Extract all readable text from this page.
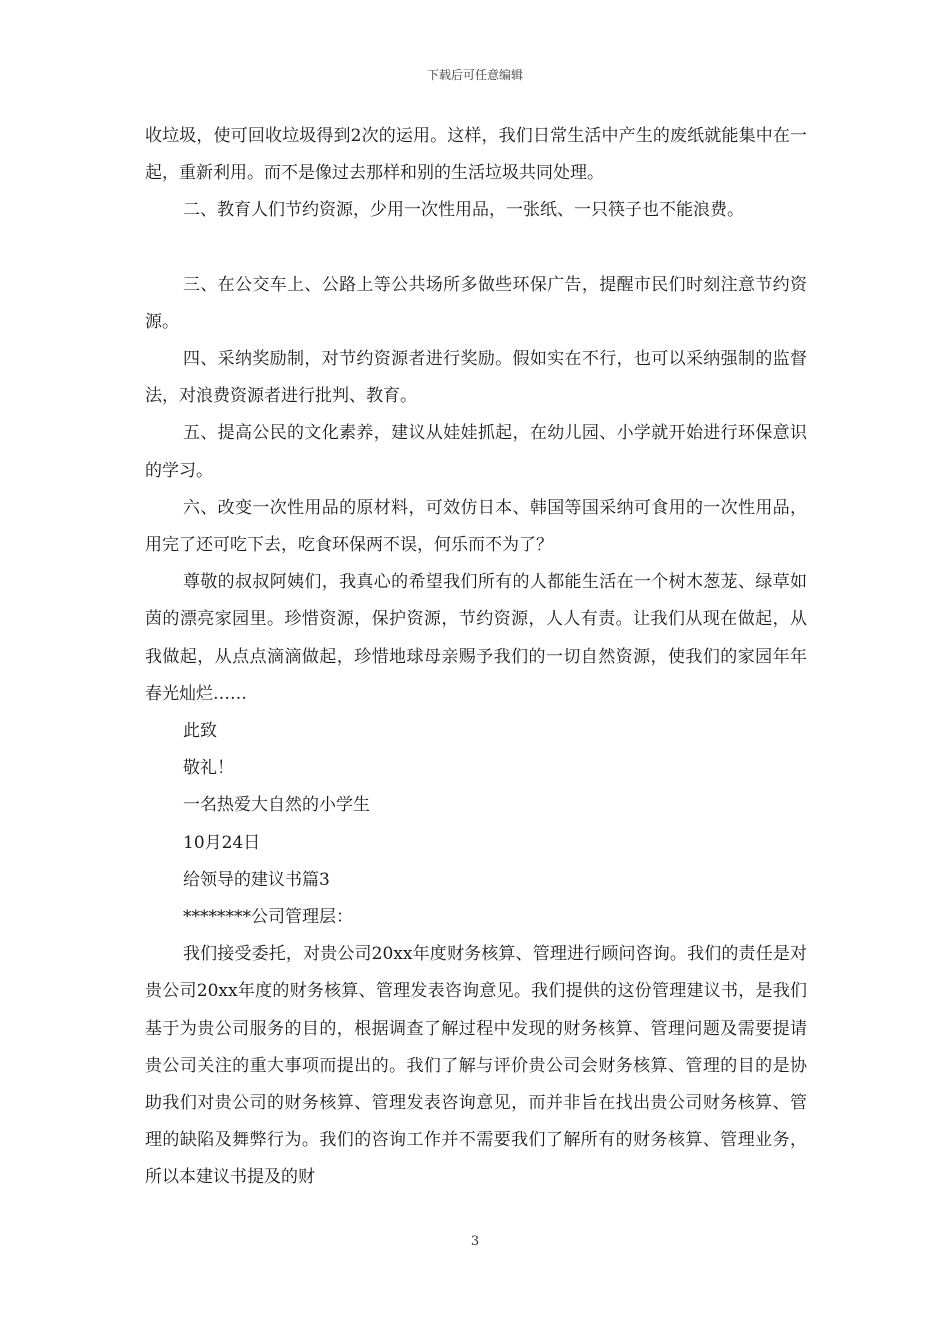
下载后可任意编辑

收垃圾，使可回收垃圾得到2次的运用。这样，我们日常生活中产生的废纸就能集中在一起，重新利用。而不是像过去那样和别的生活垃圾共同处理。

二、教育人们节约资源，少用一次性用品，一张纸、一只筷子也不能浪费。

三、在公交车上、公路上等公共场所多做些环保广告，提醒市民们时刻注意节约资源。

四、采纳奖励制，对节约资源者进行奖励。假如实在不行，也可以采纳强制的监督法，对浪费资源者进行批判、教育。

五、提高公民的文化素养，建议从娃娃抓起，在幼儿园、小学就开始进行环保意识的学习。

六、改变一次性用品的原材料，可效仿日本、韩国等国采纳可食用的一次性用品，用完了还可吃下去，吃食环保两不误，何乐而不为了？

尊敬的叔叔阿姨们，我真心的希望我们所有的人都能生活在一个树木葱茏、绿草如茵的漂亮家园里。珍惜资源，保护资源，节约资源，人人有责。让我们从现在做起，从我做起，从点点滴滴做起，珍惜地球母亲赐予我们的一切自然资源，使我们的家园年年春光灿烂……

此致

敬礼！

一名热爱大自然的小学生

10月24日

给领导的建议书篇3

********公司管理层：

我们接受委托，对贵公司20xx年度财务核算、管理进行顾问咨询。我们的责任是对贵公司20xx年度的财务核算、管理发表咨询意见。我们提供的这份管理建议书，是我们基于为贵公司服务的目的，根据调查了解过程中发现的财务核算、管理问题及需要提请贵公司关注的重大事项而提出的。我们了解与评价贵公司会财务核算、管理的目的是协助我们对贵公司的财务核算、管理发表咨询意见，而并非旨在找出贵公司财务核算、管理的缺陷及舞弊行为。我们的咨询工作并不需要我们了解所有的财务核算、管理业务，所以本建议书提及的财

3
